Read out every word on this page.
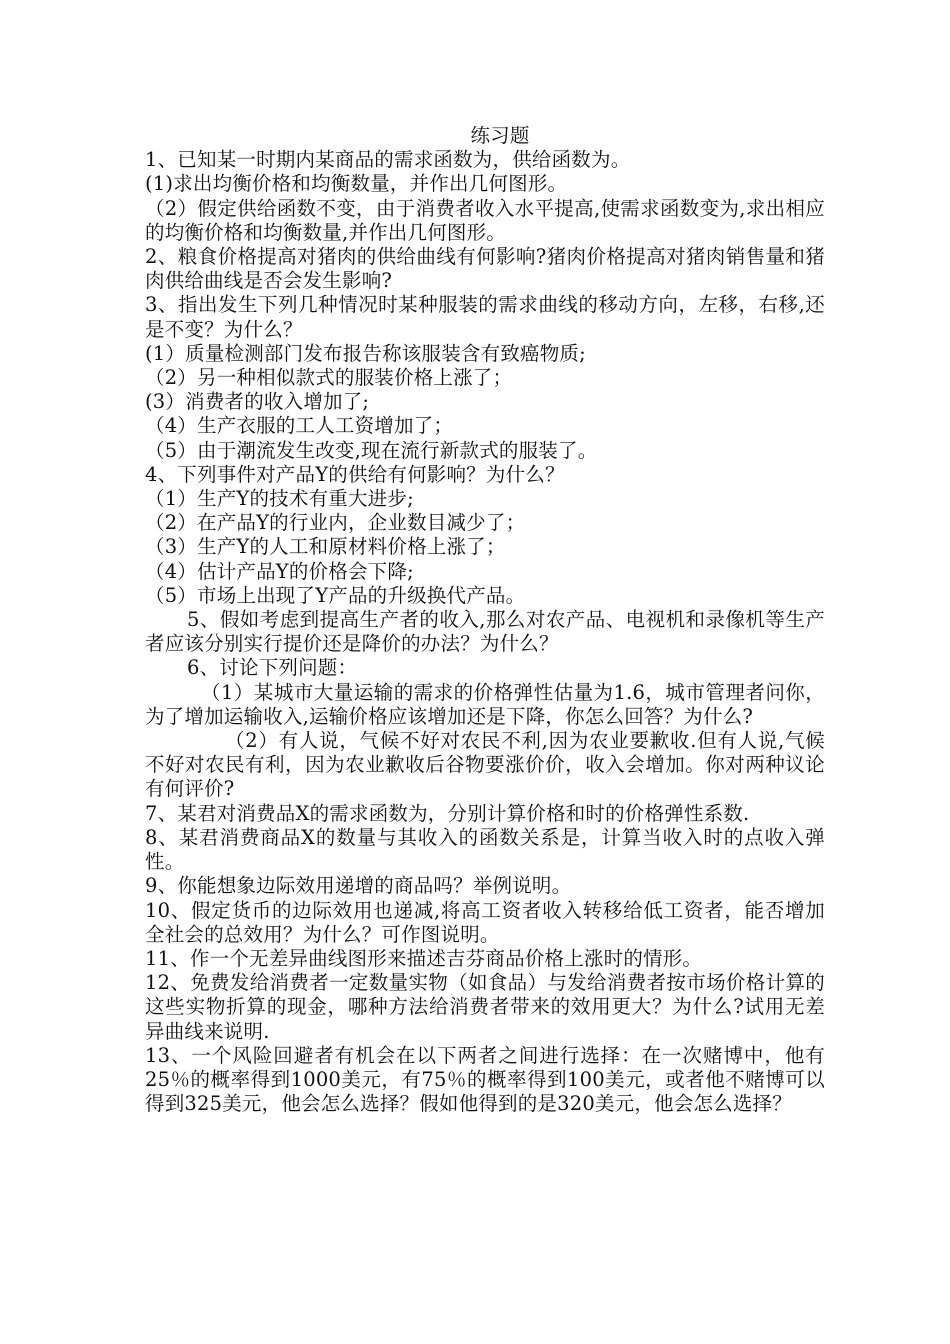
练习题

1、已知某一时期内某商品的需求函数为，供给函数为。

(1)求出均衡价格和均衡数量，并作出几何图形。

（2）假定供给函数不变，由于消费者收入水平提高,使需求函数变为,求出相应的均衡价格和均衡数量,并作出几何图形。

2、粮食价格提高对猪肉的供给曲线有何影响?猪肉价格提高对猪肉销售量和猪肉供给曲线是否会发生影响?

3、指出发生下列几种情况时某种服装的需求曲线的移动方向，左移，右移,还是不变？为什么？

(1）质量检测部门发布报告称该服装含有致癌物质;

（2）另一种相似款式的服装价格上涨了；

(3）消费者的收入增加了;

（4）生产衣服的工人工资增加了；

（5）由于潮流发生改变,现在流行新款式的服装了。

4、下列事件对产品Y的供给有何影响？为什么？

（1）生产Y的技术有重大进步;

（2）在产品Y的行业内，企业数目减少了；

（3）生产Y的人工和原材料价格上涨了；

（4）估计产品Y的价格会下降;

（5）市场上出现了Y产品的升级换代产品。

5、假如考虑到提高生产者的收入,那么对农产品、电视机和录像机等生产者应该分别实行提价还是降价的办法？为什么？

6、讨论下列问题：

（1）某城市大量运输的需求的价格弹性估量为1.6，城市管理者问你，为了增加运输收入,运输价格应该增加还是下降，你怎么回答？为什么?

（2）有人说，气候不好对农民不利,因为农业要歉收.但有人说,气候不好对农民有利，因为农业歉收后谷物要涨价价，收入会增加。你对两种议论有何评价?

7、某君对消费品X的需求函数为，分别计算价格和时的价格弹性系数.

8、某君消费商品X的数量与其收入的函数关系是，计算当收入时的点收入弹性。

9、你能想象边际效用递增的商品吗？举例说明。

10、假定货币的边际效用也递减,将高工资者收入转移给低工资者，能否增加全社会的总效用？为什么？可作图说明。

11、作一个无差异曲线图形来描述吉芬商品价格上涨时的情形。

12、免费发给消费者一定数量实物（如食品）与发给消费者按市场价格计算的这些实物折算的现金，哪种方法给消费者带来的效用更大？为什么?试用无差异曲线来说明.

13、一个风险回避者有机会在以下两者之间进行选择：在一次赌博中，他有25％的概率得到1000美元，有75％的概率得到100美元，或者他不赌博可以得到325美元，他会怎么选择？假如他得到的是320美元，他会怎么选择？
